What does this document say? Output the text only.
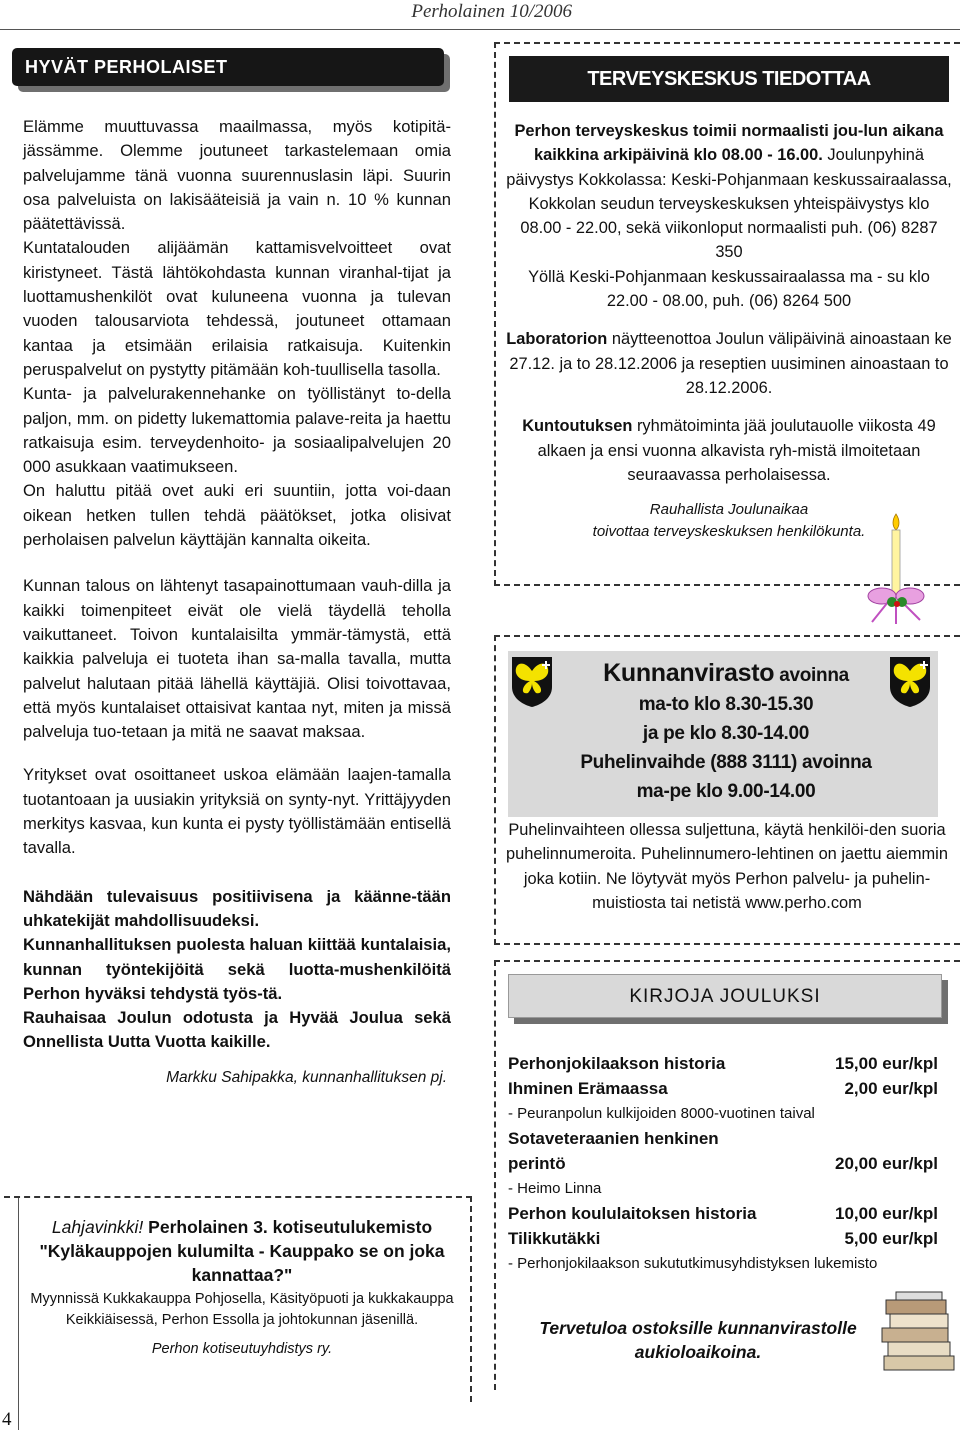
Perholainen 10/2006
4
HYVÄT PERHOLAISET
Elämme muuttuvassa maailmassa, myös kotipitä-jässämme. Olemme joutuneet tarkastelemaan omia palvelujamme tänä vuonna suurennuslasin läpi. Suurin osa palveluista on lakisääteisiä ja vain n. 10 % kunnan päätettävissä.
Kuntatalouden alijäämän kattamisvelvoitteet ovat kiristyneet. Tästä lähtökohdasta kunnan viranhal-tijat ja luottamushenkilöt ovat kuluneena vuonna ja tulevan vuoden talousarviota tehdessä, joutuneet ottamaan kantaa ja etsimään erilaisia ratkaisuja. Kuitenkin peruspalvelut on pystytty pitämään koh-tuullisella tasolla.
Kunta- ja palvelurakennehanke on työllistänyt to-della paljon, mm. on pidetty lukemattomia palave-reita ja haettu ratkaisuja esim. terveydenhoito- ja sosiaalipalvelujen 20 000 asukkaan vaatimukseen.
On haluttu pitää ovet auki eri suuntiin, jotta voi-daan oikean hetken tullen tehdä päätökset, jotka olisivat perholaisen palvelun käyttäjän kannalta oikeita.
Kunnan talous on lähtenyt tasapainottumaan vauh-dilla ja kaikki toimenpiteet eivät ole vielä täydellä teholla vaikuttaneet. Toivon kuntalaisilta ymmär-tämystä, että kaikkia palveluja ei tuoteta ihan sa-malla tavalla, mutta palvelut halutaan pitää lähellä käyttäjiä. Olisi toivottavaa, että myös kuntalaiset ottaisivat kantaa nyt, miten ja missä palveluja tuo-tetaan ja mitä ne saavat maksaa.
Yritykset ovat osoittaneet uskoa elämään laajen-tamalla tuotantoaan ja uusiakin yrityksiä on synty-nyt. Yrittäjyyden merkitys kasvaa, kun kunta ei pysty työllistämään entisellä tavalla.
Nähdään tulevaisuus positiivisena ja käänne-tään uhkatekijät mahdollisuudeksi.
Kunnanhallituksen puolesta haluan kiittää kuntalaisia, kunnan työntekijöitä sekä luotta-mushenkilöitä Perhon hyväksi tehdystä työs-tä.
Rauhaisaa Joulun odotusta ja Hyvää Joulua sekä Onnellista Uutta Vuotta kaikille.
Markku Sahipakka, kunnanhallituksen pj.
Lahjavinkki! Perholainen 3. kotiseutulukemisto
"Kyläkauppojen kulumilta - Kauppako se on joka kannattaa?"
Myynnissä Kukkakauppa Pohjosella, Käsityöpuoti ja kukkakauppa Keikkiäisessä, Perhon Essolla ja johtokunnan jäsenillä.
Perhon kotiseutuyhdistys ry.
TERVEYSKESKUS TIEDOTTAA
Perhon terveyskeskus toimii normaalisti jou-lun aikana kaikkina arkipäivinä klo 08.00 - 16.00. Joulunpyhinä päivystys Kokkolassa: Keski-Pohjanmaan keskussairaalassa, Kokkolan seudun terveyskeskuksen yhteispäivystys klo 08.00 - 22.00, sekä viikonloput normaalisti puh. (06) 8287 350
Yöllä Keski-Pohjanmaan keskussairaalassa ma - su klo 22.00 - 08.00, puh. (06) 8264 500
Laboratorion näytteenottoa Joulun välipäivinä ainoastaan ke 27.12. ja to 28.12.2006 ja reseptien uusiminen ainoastaan to 28.12.2006.
Kuntoutuksen ryhmätoiminta jää joulutauolle viikosta 49 alkaen ja ensi vuonna alkavista ryh-mistä ilmoitetaan seuraavassa perholaisessa.
Rauhallista Joulunaikaa
toivottaa terveyskeskuksen henkilökunta.
Kunnanvirasto avoinna
ma-to klo 8.30-15.30
ja pe klo 8.30-14.00
Puhelinvaihde (888 3111) avoinna
ma-pe klo 9.00-14.00
Puhelinvaihteen ollessa suljettuna, käytä henkilöi-den suoria puhelinnumeroita. Puhelinnumero-lehtinen on jaettu aiemmin joka kotiin. Ne löytyvät myös Perhon palvelu- ja puhelin-muistiosta tai netistä www.perho.com
KIRJOJA JOULUKSI
Perhonjokilaakson historia	15,00 eur/kpl
Ihminen Erämaassa	2,00 eur/kpl
- Peuranpolun kulkijoiden 8000-vuotinen taival
Sotaveteraanien henkinen
perintö	20,00 eur/kpl
- Heimo Linna
Perhon koululaitoksen historia	10,00 eur/kpl
Tilikkutäkki	5,00 eur/kpl
- Perhonjokilaakson sukututkimusyhdistyksen lukemisto
Tervetuloa ostoksille kunnanvirastolle aukioloaikoina.
